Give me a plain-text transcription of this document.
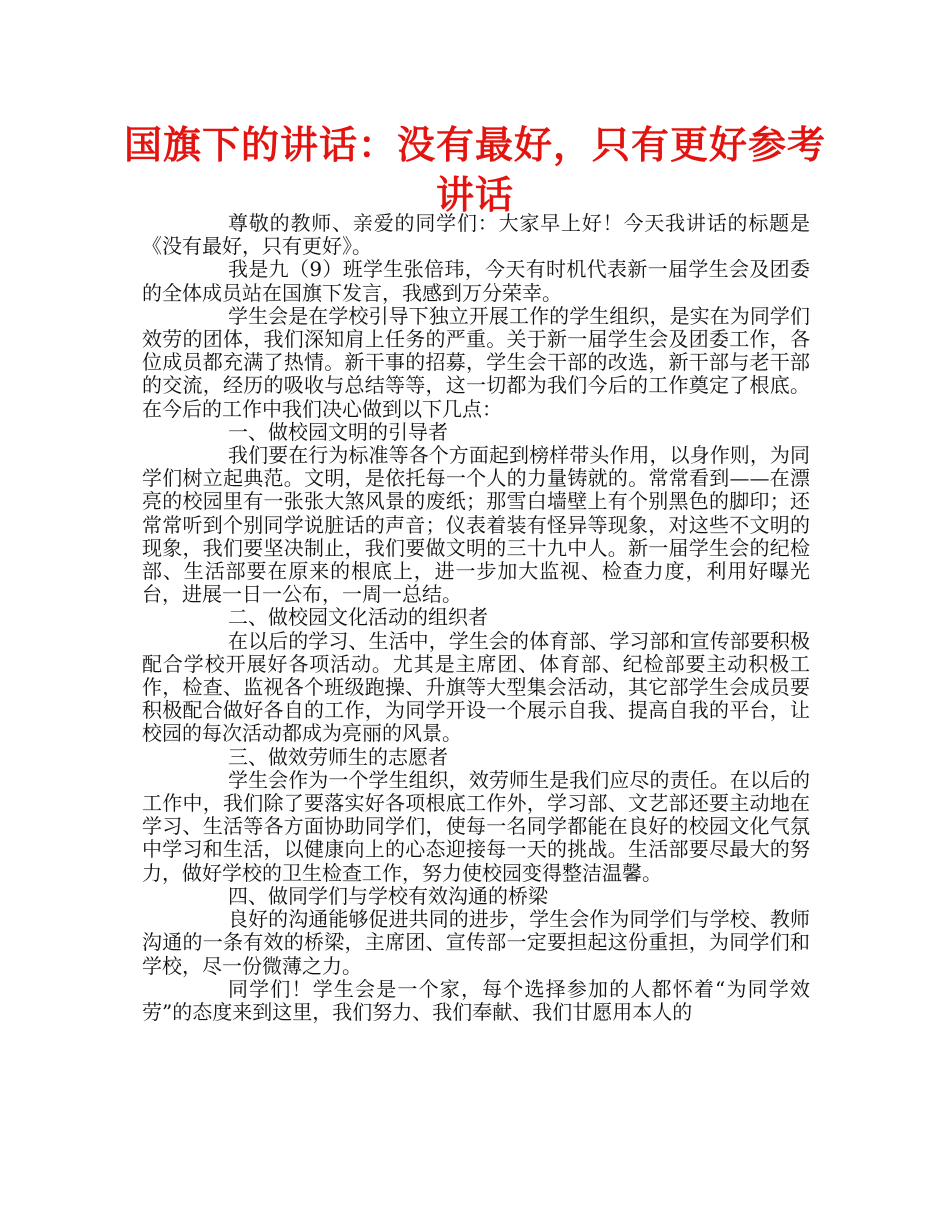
国旗下的讲话：没有最好，只有更好参考讲话

尊敬的教师、亲爱的同学们：大家早上好！今天我讲话的标题是《没有最好，只有更好》。

我是九（9）班学生张倍玮，今天有时机代表新一届学生会及团委的全体成员站在国旗下发言，我感到万分荣幸。

学生会是在学校引导下独立开展工作的学生组织，是实在为同学们效劳的团体，我们深知肩上任务的严重。关于新一届学生会及团委工作，各位成员都充满了热情。新干事的招募，学生会干部的改选，新干部与老干部的交流，经历的吸收与总结等等，这一切都为我们今后的工作奠定了根底。在今后的工作中我们决心做到以下几点：

一、做校园文明的引导者

我们要在行为标准等各个方面起到榜样带头作用，以身作则，为同学们树立起典范。文明，是依托每一个人的力量铸就的。常常看到——在漂亮的校园里有一张张大煞风景的废纸；那雪白墙壁上有个别黑色的脚印；还常常听到个别同学说脏话的声音；仪表着装有怪异等现象，对这些不文明的现象，我们要坚决制止，我们要做文明的三十九中人。新一届学生会的纪检部、生活部要在原来的根底上，进一步加大监视、检查力度，利用好曝光台，进展一日一公布，一周一总结。

二、做校园文化活动的组织者

在以后的学习、生活中，学生会的体育部、学习部和宣传部要积极配合学校开展好各项活动。尤其是主席团、体育部、纪检部要主动积极工作，检查、监视各个班级跑操、升旗等大型集会活动，其它部学生会成员要积极配合做好各自的工作，为同学开设一个展示自我、提高自我的平台，让校园的每次活动都成为亮丽的风景。

三、做效劳师生的志愿者

学生会作为一个学生组织，效劳师生是我们应尽的责任。在以后的工作中，我们除了要落实好各项根底工作外，学习部、文艺部还要主动地在学习、生活等各方面协助同学们，使每一名同学都能在良好的校园文化气氛中学习和生活，以健康向上的心态迎接每一天的挑战。生活部要尽最大的努力，做好学校的卫生检查工作，努力使校园变得整洁温馨。

四、做同学们与学校有效沟通的桥梁

良好的沟通能够促进共同的进步，学生会作为同学们与学校、教师沟通的一条有效的桥梁，主席团、宣传部一定要担起这份重担，为同学们和学校，尽一份微薄之力。

同学们！学生会是一个家，每个选择参加的人都怀着“为同学效劳”的态度来到这里，我们努力、我们奉献、我们甘愿用本人的
